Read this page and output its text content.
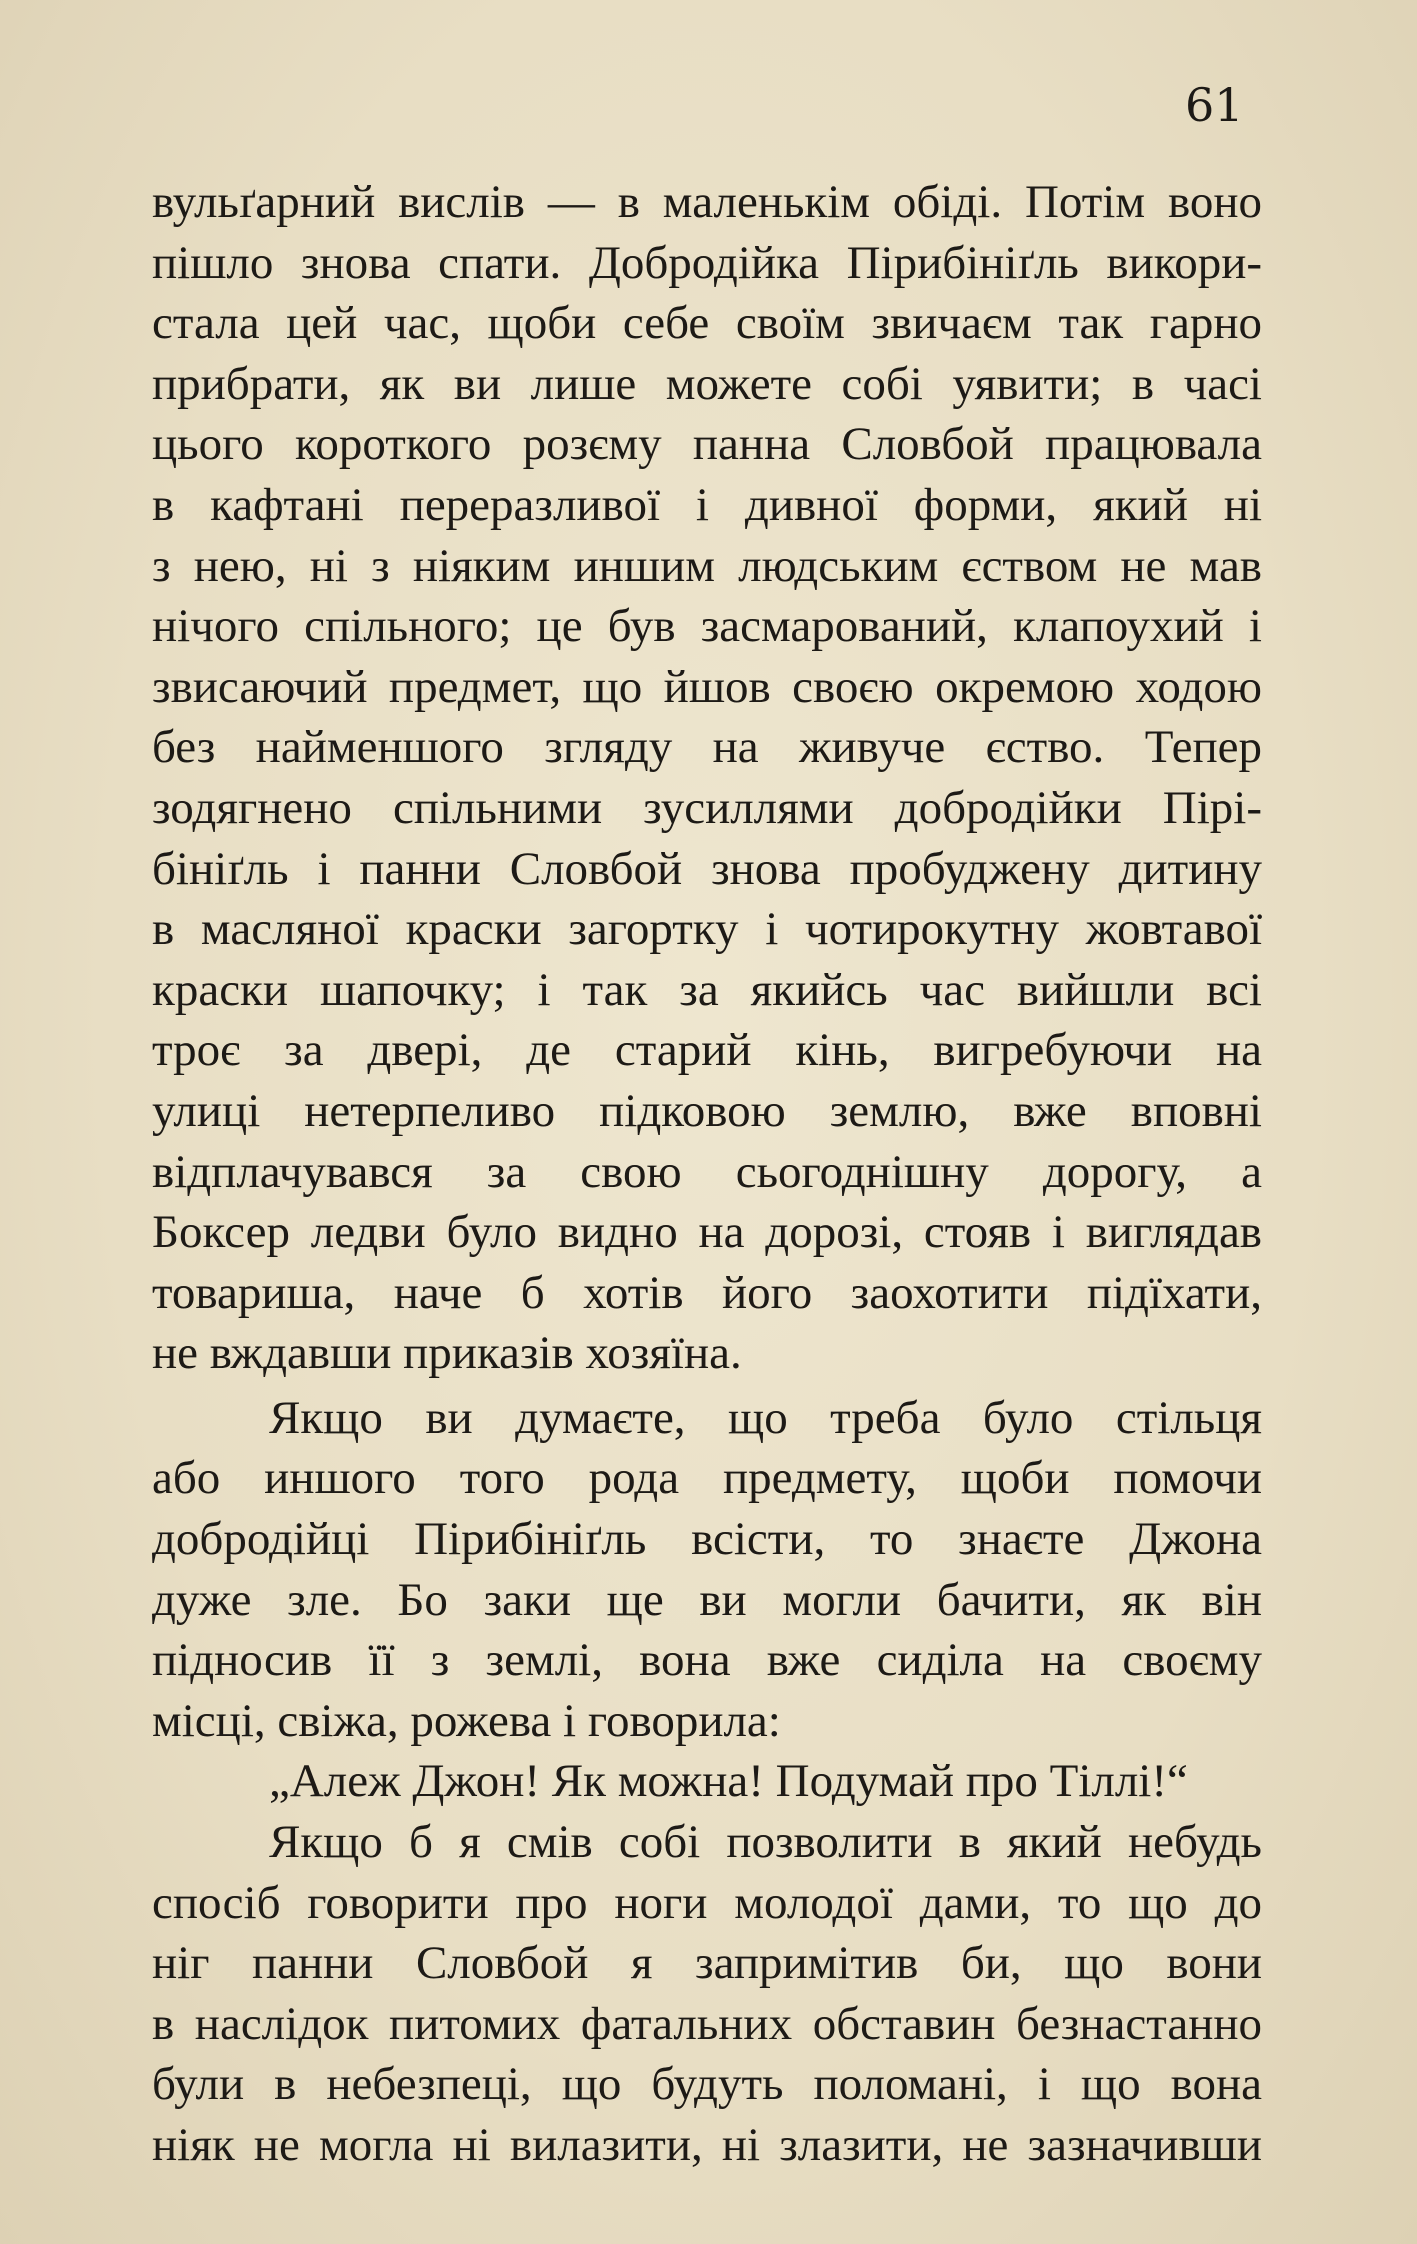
61
вульґарний вислів — в маленькім обіді. Потім воно
пішло знова спати. Добродійка Пірибініґль викори-
стала цей час, щоби себе своїм звичаєм так гарно
прибрати, як ви лише можете собі уявити; в часі
цього короткого розєму панна Словбой працювала
в кафтані переразливої і дивної форми, який ні
з нею, ні з ніяким иншим людським єством не мав
нічого спільного; це був засмарований, клапоухий і
звисаючий предмет, що йшов своєю окремою ходою
без найменшого згляду на живуче єство. Тепер
зодягнено спільними зусиллями добродійки Пірі-
бініґль і панни Словбой знова пробуджену дитину
в масляної краски загортку і чотирокутну жовтавої
краски шапочку; і так за якийсь час вийшли всі
троє за двері, де старий кінь, вигребуючи на
улиці нетерпеливо підковою землю, вже вповні
відплачувався за свою сьогоднішну дорогу, а
Боксер ледви було видно на дорозі, стояв і виглядав
товариша, наче б хотів його заохотити підїхати,
не вждавши приказів хозяїна.
Якщо ви думаєте, що треба було стільця
або иншого того рода предмету, щоби помочи
добродійці Пірибініґль всісти, то знаєте Джона
дуже зле. Бо заки ще ви могли бачити, як він
підносив її з землі, вона вже сиділа на своєму
місці, свіжа, рожева і говорила:
„Алеж Джон! Як можна! Подумай про Тіллі!“
Якщо б я смів собі позволити в який небудь
спосіб говорити про ноги молодої дами, то що до
ніг панни Словбой я запримітив би, що вони
в наслідок питомих фатальних обставин безнастанно
були в небезпеці, що будуть поломані, і що вона
ніяк не могла ні вилазити, ні злазити, не зазначивши
